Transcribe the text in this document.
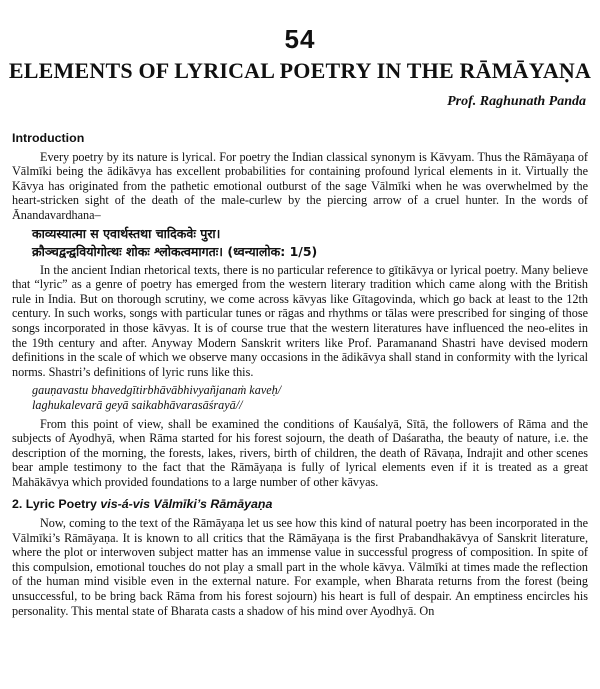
54
ELEMENTS OF LYRICAL POETRY IN THE RĀMĀYAṆA
Prof. Raghunath Panda
Introduction

Every poetry by its nature is lyrical. For poetry the Indian classical synonym is Kāvyam. Thus the Rāmāyaṇa of Vālmīki being the ādikāvya has excellent probabilities for containing profound lyrical elements in it. Virtually the Kāvya has originated from the pathetic emotional outburst of the sage Vālmīki when he was overwhelmed by the heart-stricken sight of the death of the male-curlew by the piercing arrow of a cruel hunter. In the words of Ānandavardhana–

काव्यस्यात्मा स एवार्थस्तथा चादिकवेः पुरा।
क्रौञ्चद्वन्द्ववियोगोत्थः शोकः श्लोकत्वमागतः। (ध्वन्यालोक: 1/5)

In the ancient Indian rhetorical texts, there is no particular reference to gītikāvya or lyrical poetry. Many believe that “lyric” as a genre of poetry has emerged from the western literary tradition which came along with the British rule in India. But on thorough scrutiny, we come across kāvyas like Gītagovinda, which go back at least to the 12th century. In such works, songs with particular tunes or rāgas and rhythms or tālas were prescribed for singing of those songs incorporated in those kāvyas. It is of course true that the western literatures have influenced the neo-elites in the 19th century and after. Anyway Modern Sanskrit writers like Prof. Paramanand Shastri have devised modern definitions in the scale of which we observe many occasions in the ādikāvya shall stand in conformity with the lyrical norms. Shastri’s definitions of lyric runs like this.

gauṇavastu bhavedgītirbhāvābhivyañjanaṁ kaveḥ/
laghukalevarā geyā saikabhāvarasāśrayā//

From this point of view, shall be examined the conditions of Kauśalyā, Sītā, the followers of Rāma and the subjects of Ayodhyā, when Rāma started for his forest sojourn, the death of Daśaratha, the beauty of nature, i.e. the description of the morning, the forests, lakes, rivers, birth of children, the death of Rāvaṇa, Indrajit and other scenes bear ample testimony to the fact that the Rāmāyaṇa is fully of lyrical elements even if it is treated as a great Mahākāvya which provided foundations to a large number of other kāvyas.

2. Lyric Poetry vis-á-vis Vālmīki’s Rāmāyaṇa

Now, coming to the text of the Rāmāyaṇa let us see how this kind of natural poetry has been incorporated in the Vālmīki’s Rāmāyaṇa. It is known to all critics that the Rāmāyaṇa is the first Prabandhakāvya of Sanskrit literature, where the plot or interwoven subject matter has an immense value in successful progress of composition. In spite of this compulsion, emotional touches do not play a small part in the whole kāvya. Vālmīki at times made the reflection of the human mind visible even in the external nature. For example, when Bharata returns from the forest (being unsuccessful, to be bring back Rāma from his forest sojourn) his heart is full of despair. An emptiness encircles his personality. This mental state of Bharata casts a shadow of his mind over Ayodhyā. On
